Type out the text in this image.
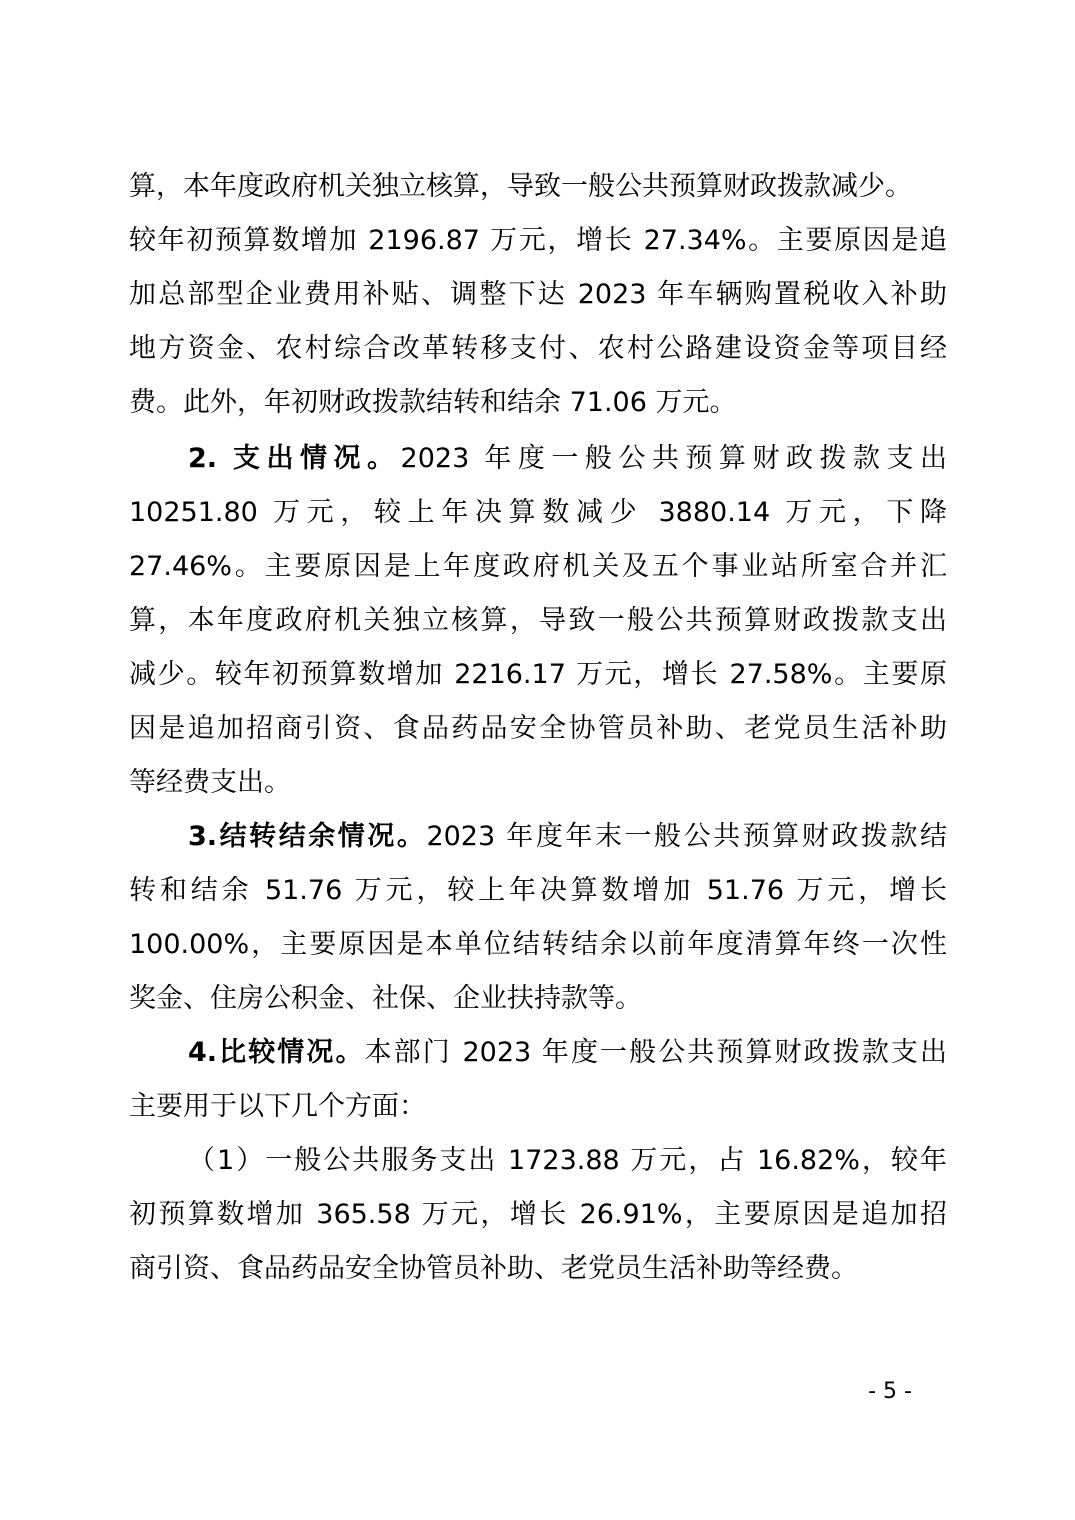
算，本年度政府机关独立核算，导致一般公共预算财政拨款减少。
较年初预算数增加 2196.87 万元，增长 27.34%。主要原因是追
加总部型企业费用补贴、调整下达 2023 年车辆购置税收入补助
地方资金、农村综合改革转移支付、农村公路建设资金等项目经
费。此外，年初财政拨款结转和结余 71.06 万元。
2. 支出情况。2023 年度一般公共预算财政拨款支出
10251.80 万元，较上年决算数减少 3880.14 万元，下降
27.46%。主要原因是上年度政府机关及五个事业站所室合并汇
算，本年度政府机关独立核算，导致一般公共预算财政拨款支出
减少。较年初预算数增加 2216.17 万元，增长 27.58%。主要原
因是追加招商引资、食品药品安全协管员补助、老党员生活补助
等经费支出。
3.结转结余情况。2023 年度年末一般公共预算财政拨款结
转和结余 51.76 万元，较上年决算数增加 51.76 万元，增长
100.00%，主要原因是本单位结转结余以前年度清算年终一次性
奖金、住房公积金、社保、企业扶持款等。
4.比较情况。本部门 2023 年度一般公共预算财政拨款支出
主要用于以下几个方面：
（1）一般公共服务支出 1723.88 万元，占 16.82%，较年
初预算数增加 365.58 万元，增长 26.91%，主要原因是追加招
商引资、食品药品安全协管员补助、老党员生活补助等经费。
- 5 -
